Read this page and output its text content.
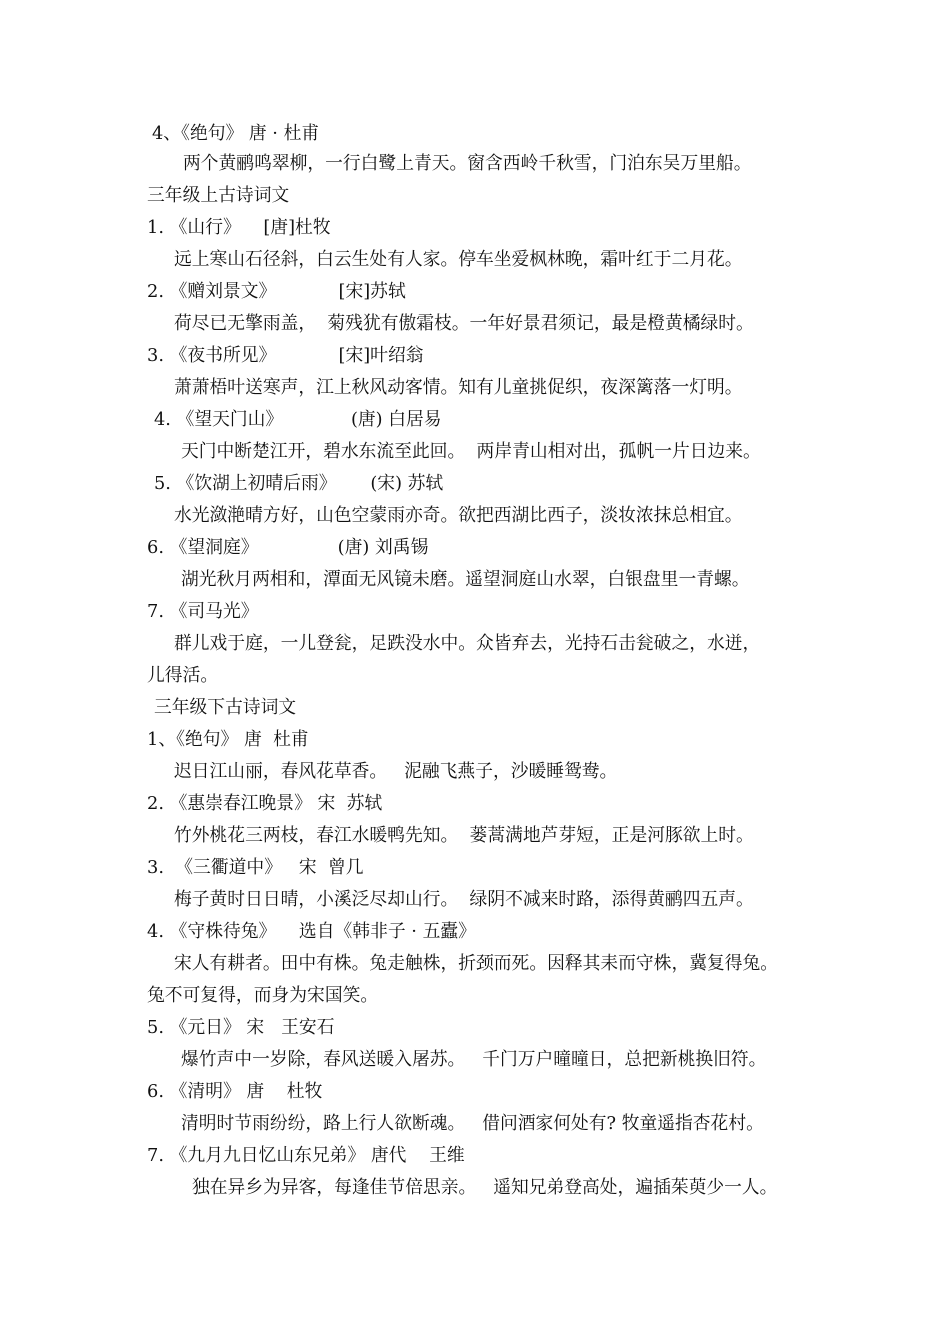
4、《绝句》 唐 · 杜甫
两个黄鹂鸣翠柳，一行白鹭上青天。窗含西岭千秋雪，门泊东吴万里船。
三年级上古诗词文
1. 《山行》    [唐]杜牧
远上寒山石径斜，白云生处有人家。停车坐爱枫林晚，霜叶红于二月花。
2. 《赠刘景文》           [宋]苏轼
荷尽已无擎雨盖，  菊残犹有傲霜枝。一年好景君须记，最是橙黄橘绿时。
3. 《夜书所见》           [宋]叶绍翁
萧萧梧叶送寒声，江上秋风动客情。知有儿童挑促织，夜深篱落一灯明。
4. 《望天门山》            (唐) 白居易
天门中断楚江开，碧水东流至此回。  两岸青山相对出，孤帆一片日边来。
5. 《饮湖上初晴后雨》      (宋) 苏轼
水光潋滟晴方好，山色空蒙雨亦奇。欲把西湖比西子，淡妆浓抹总相宜。
6. 《望洞庭》              (唐) 刘禹锡
湖光秋月两相和，潭面无风镜未磨。遥望洞庭山水翠，白银盘里一青螺。
7. 《司马光》
群儿戏于庭，一儿登瓮，足跌没水中。众皆弃去，光持石击瓮破之，水迸，
儿得活。
三年级下古诗词文
1、《绝句》 唐  杜甫
迟日江山丽，春风花草香。   泥融飞燕子，沙暖睡鸳鸯。
2. 《惠崇春江晚景》 宋  苏轼
竹外桃花三两枝，春江水暖鸭先知。  蒌蒿满地芦芽短，正是河豚欲上时。
3.  《三衢道中》   宋  曾几
梅子黄时日日晴，小溪泛尽却山行。  绿阴不减来时路，添得黄鹂四五声。
4. 《守株待兔》    选自《韩非子 · 五蠹》
宋人有耕者。田中有株。兔走触株，折颈而死。因释其耒而守株，冀复得兔。
兔不可复得，而身为宋国笑。
5. 《元日》 宋   王安石
爆竹声中一岁除，春风送暖入屠苏。   千门万户曈曈日，总把新桃换旧符。
6. 《清明》 唐    杜牧
清明时节雨纷纷，路上行人欲断魂。   借问酒家何处有? 牧童遥指杏花村。
7. 《九月九日忆山东兄弟》 唐代    王维
独在异乡为异客，每逢佳节倍思亲。   遥知兄弟登高处，遍插茱萸少一人。
